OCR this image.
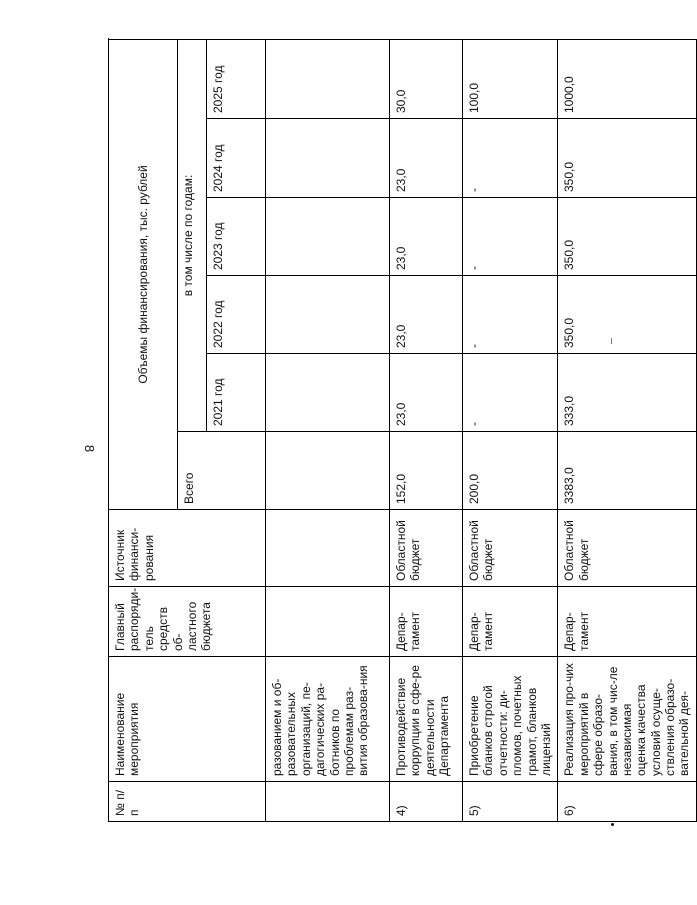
8
№ п/п	Наименование мероприятия	Главный распоряди-тель средств об-ластного бюджета	Источник финанси-рования	Объемы финансирования, тыс. рублей						
				Всего	в том числе по годам:	
					2021 год	2022 год	2023 год	2024 год	2025 год	
	разованием и об-разовательных организаций, пе-дагогических ра-ботников по проблемам раз-вития образова-ния									
4)	Противодействие коррупции в сфе-ре деятельности Департамента	Депар-тамент	Областной бюджет	152,0	23,0	23,0	23,0	23,0	30,0	
5)	Приобретение бланков строгой отчетности: ди-пломов, почетных грамот, бланков лицензий	Депар-тамент	Областной бюджет	200,0	-	-	-	-	100,0	
6)	Реализация про-чих мероприятий в сфере образо-вания, в том чис-ле независимая оценка качества условий осуще-ствления образо-вательной дея-	Депар-тамент	Областной бюджет	3383,0	333,0	350,0	350,0	350,0	1000,0	
